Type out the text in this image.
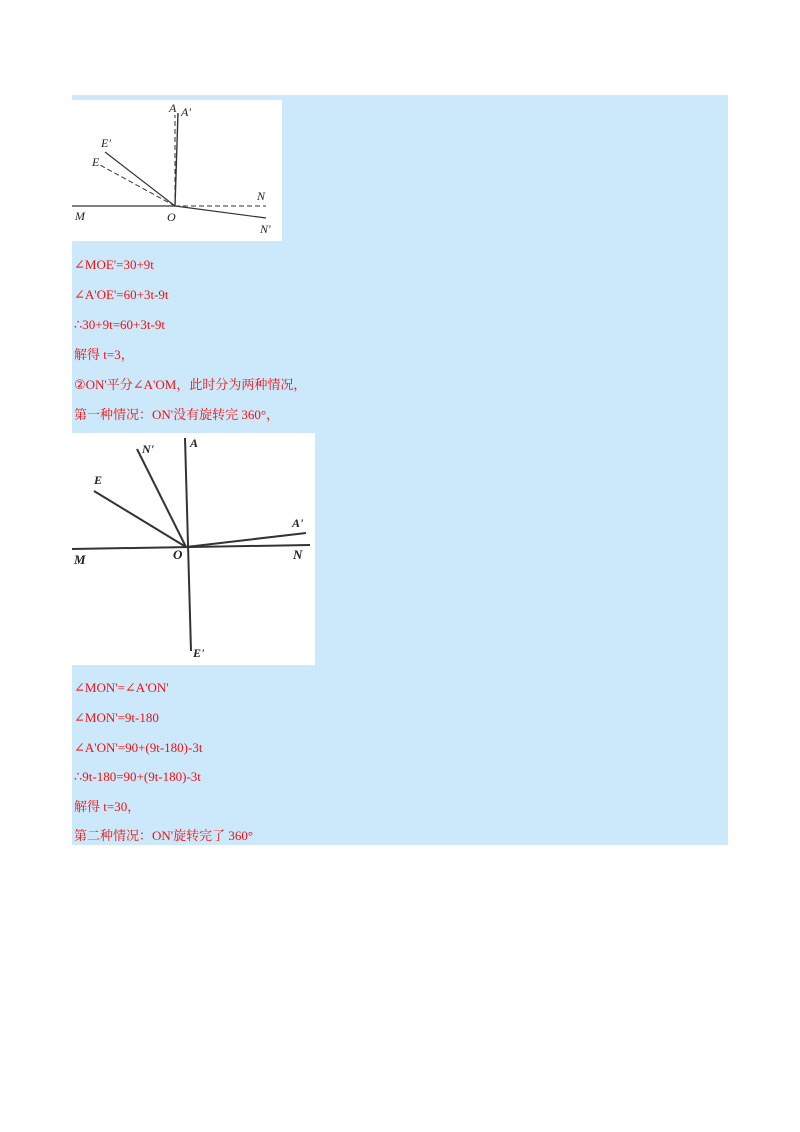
A A'
E'
E
N
M	O
N'
∠MOE'=30+9t
∠A'OE'=60+3t-9t
∴30+9t=60+3t-9t
解得 t=3，
②ON'平分∠A'OM，此时分为两种情况，
第一种情况：ON'没有旋转完 360°，
A
N'
E
A'
M	O	N
E'
∠MON'=∠A'ON'
∠MON'=9t-180
∠A'ON'=90+(9t-180)-3t
∴9t-180=90+(9t-180)-3t
解得 t=30，
第二种情况：ON'旋转完了 360°
